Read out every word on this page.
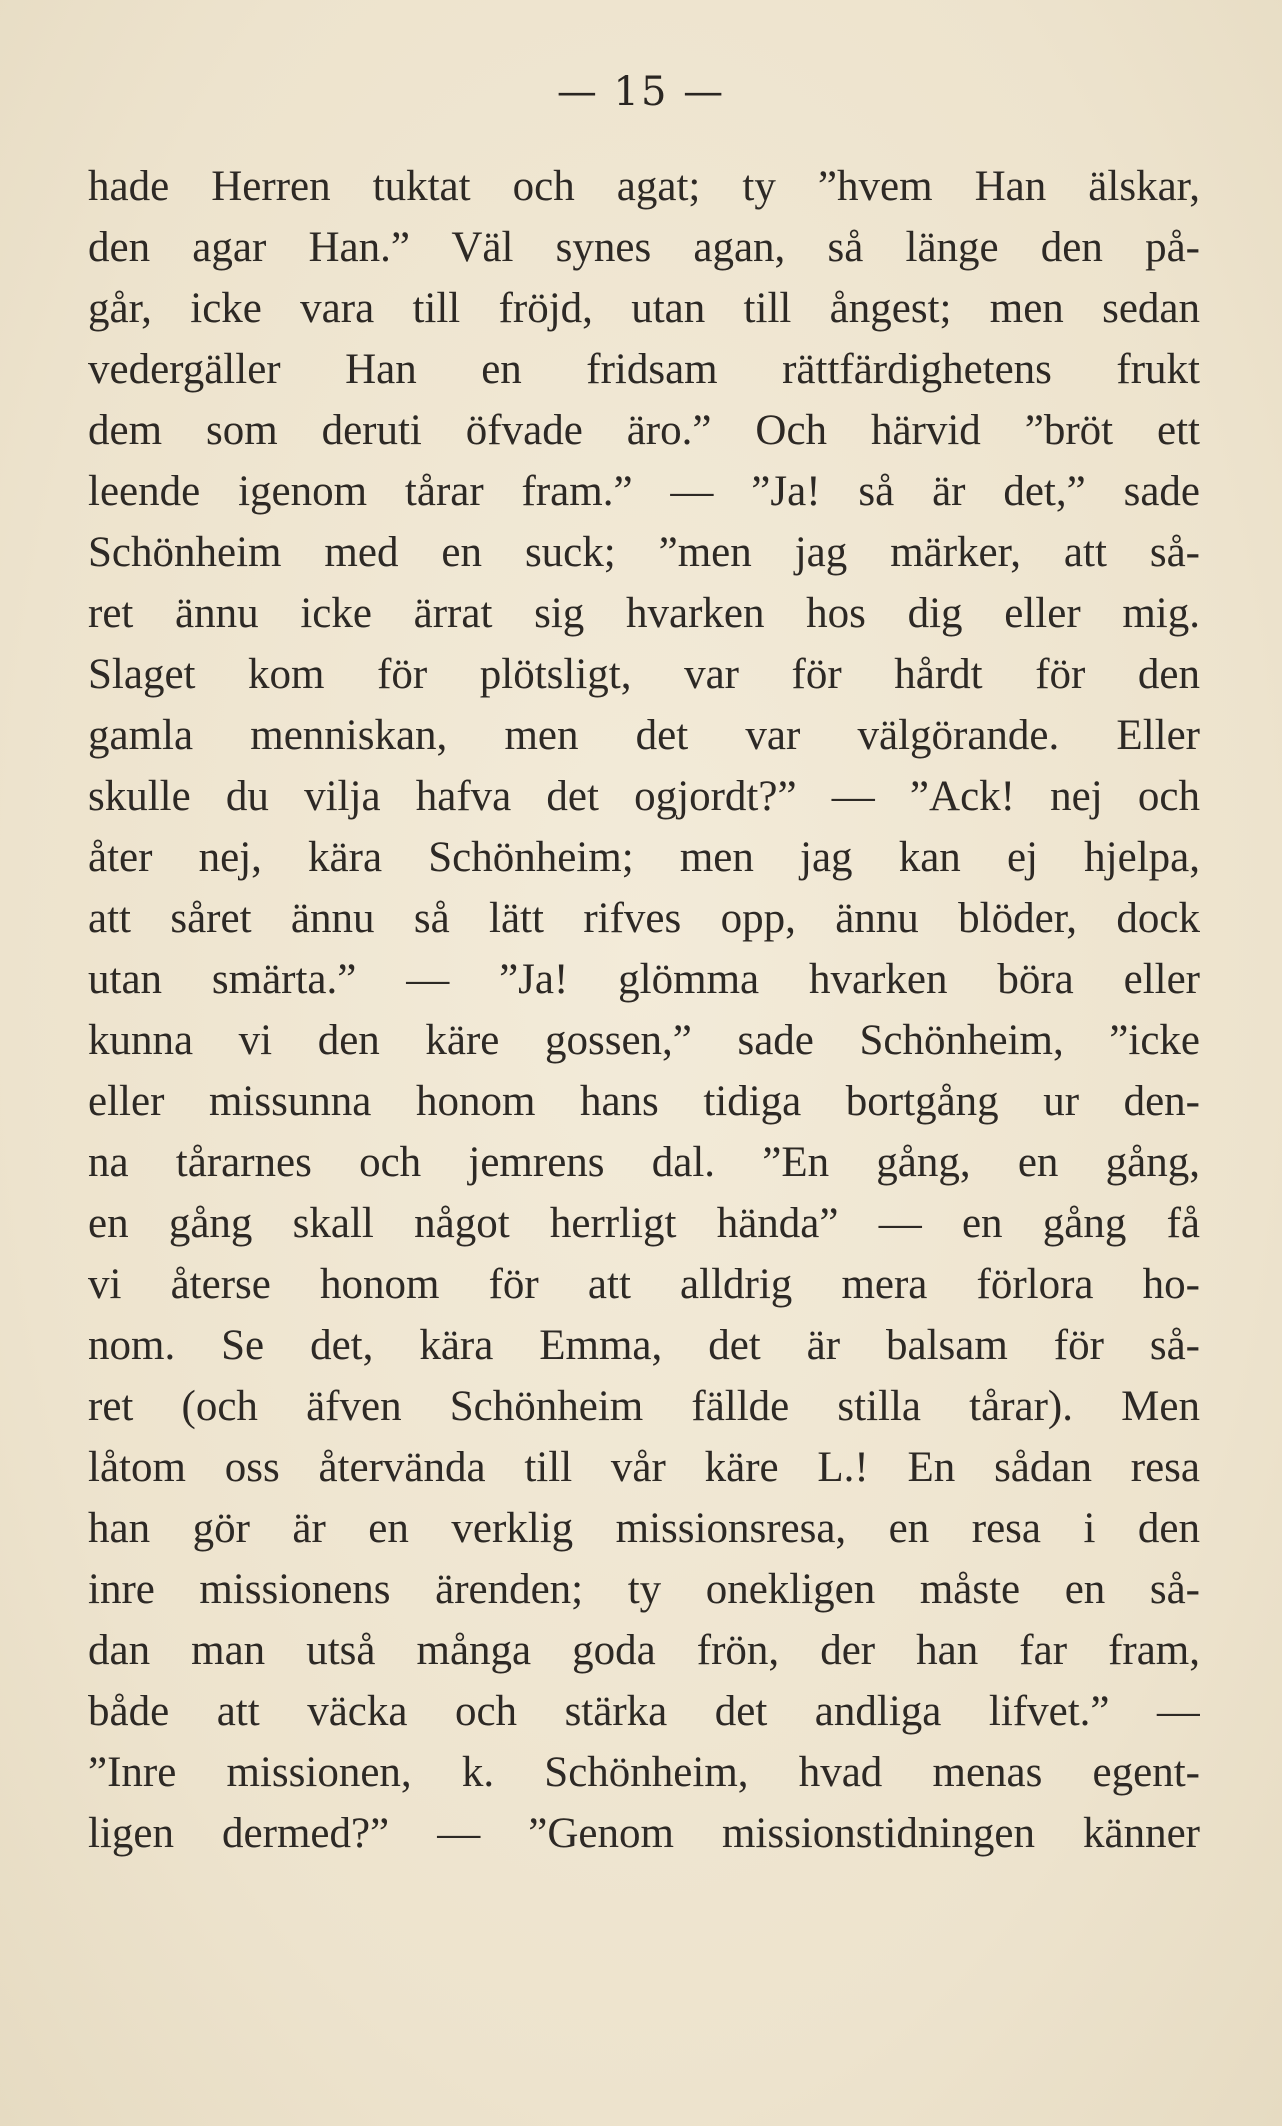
— 15 —
hade Herren tuktat och agat; ty ”hvem Han älskar,
den agar Han.” Väl synes agan, så länge den på-
går, icke vara till fröjd, utan till ångest; men sedan
vedergäller Han en fridsam rättfärdighetens frukt
dem som deruti öfvade äro.” Och härvid ”bröt ett
leende igenom tårar fram.” — ”Ja! så är det,” sade
Schönheim med en suck; ”men jag märker, att så-
ret ännu icke ärrat sig hvarken hos dig eller mig.
Slaget kom för plötsligt, var för hårdt för den
gamla menniskan, men det var välgörande. Eller
skulle du vilja hafva det ogjordt?” — ”Ack! nej och
åter nej, kära Schönheim; men jag kan ej hjelpa,
att såret ännu så lätt rifves opp, ännu blöder, dock
utan smärta.” — ”Ja! glömma hvarken böra eller
kunna vi den käre gossen,” sade Schönheim, ”icke
eller missunna honom hans tidiga bortgång ur den-
na tårarnes och jemrens dal. ”En gång, en gång,
en gång skall något herrligt hända” — en gång få
vi återse honom för att alldrig mera förlora ho-
nom. Se det, kära Emma, det är balsam för så-
ret (och äfven Schönheim fällde stilla tårar). Men
låtom oss återvända till vår käre L.! En sådan resa
han gör är en verklig missionsresa, en resa i den
inre missionens ärenden; ty onekligen måste en så-
dan man utså många goda frön, der han far fram,
både att väcka och stärka det andliga lifvet.” —
”Inre missionen, k. Schönheim, hvad menas egent-
ligen dermed?” — ”Genom missionstidningen känner
